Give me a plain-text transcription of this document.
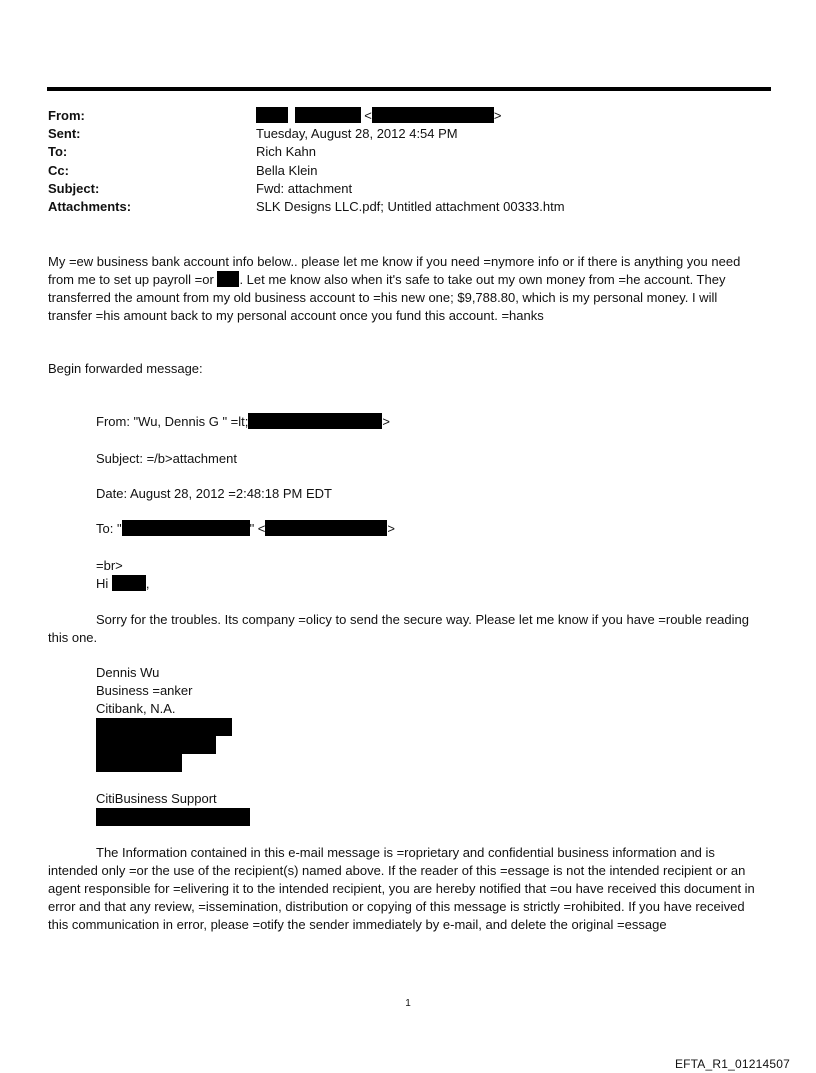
From:	<	>
Sent:	Tuesday, August 28, 2012 4:54 PM
To:	Rich Kahn
Cc:	Bella Klein
Subject:	Fwd: attachment
Attachments:	SLK Designs LLC.pdf; Untitled attachment 00333.htm
My =ew business bank account info below.. please let me know if you need =nymore info or if there is anything you need from me to set up payroll =or . Let me know also when it's safe to take out my own money from =he account. They transferred the amount from my old business account to =his new one; $9,788.80, which is my personal money. I will transfer =his amount back to my personal account once you fund this account. =hanks
Begin forwarded message:
From: "Wu, Dennis G " =lt;	>
Subject: =/b>attachment
Date: August 28, 2012 =2:48:18 PM EDT
To: "	" <	>
=br>
Hi	,
Sorry for the troubles. Its company =olicy to send the secure way. Please let me know if you have =rouble reading this one.
Dennis Wu
Business =anker
Citibank, N.A.
CitiBusiness Support
The Information contained in this e-mail message is =roprietary and confidential business information and is intended only =or the use of the recipient(s) named above. If the reader of this =essage is not the intended recipient or an agent responsible for =elivering it to the intended recipient, you are hereby notified that =ou have received this document in error and that any review, =issemination, distribution or copying of this message is strictly =rohibited. If you have received this communication in error, please =otify the sender immediately by e-mail, and delete the original =essage
1
EFTA_R1_01214507
